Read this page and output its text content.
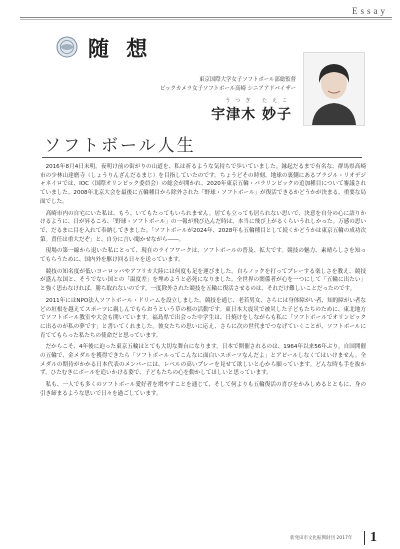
Essay
随 想
東京国際大学女子ソフトボール部総監督
ビックカメラ女子ソフトボール高崎 シニアアドバイザー
うつぎ たえこ
宇津木 妙子
ソフトボール人生

2016年8月4日未明。夜明け前の街がりの山道を、私は祈るような気持ちで歩いていました。縁起だるまで有名な、群馬県高崎市の少林山達磨寺（しょうりんざんだるまじ）を目指していたのです。ちょうどその時刻、地球の裏側にあるブラジル・リオデジャネイロでは、IOC（国際オリンピック委員会）の総会が開かれ、2020年東京五輪・パラリンピックの追加種目について審議されていました。2008年北京大会を最後に五輪種目から除外された「野球・ソフトボール」が復活できるかどうかが決まる、重要な局面でした。

高崎市内の自宅にいた私は、もう、いてもたってもいられません。居ても立っても居られない思いで、決意を自分の心に語りかけるように、日が昇るころ、「野球・ソフトボール」の一報が飛び込んだ時は、本当に飛び上がるくらいうれしかった。万感の思いで、だるまに目を入れて奉納してきました。「ソフトボールが2024年、2028年も五輪種目として続くかどうかは東京五輪の成功次第。責任は重大だぞ」と、自分に言い聞かせながら――。

現場の第一線から退いた私にとって、現在のライフワークは、ソフトボールの普及、拡大です。競技の魅力、素晴らしさを知ってもらうために、国内外を駆け回る日々を送っています。

競技の知名度が低いヨーロッパやアフリカ大陸には何度も足を運びました。自らノックを打ってプレーする楽しさを教え、競技が盛んな国と、そうでない国との「温度差」を埋めようと必死になりました。全世界の関係者が心を一つにして「五輪に出たい」と強く思わなければ、勝ち取れないのです。一度除外された競技を五輪に復活させるのは、それだけ難しいことだったのです。

2011年にはNPO法人ソフトボール・ドリームを設立しました。競技を通じ、老若男女、さらには身体障がい者、知的障がい者などの垣根を越えてスポーツに親しんでもらおうという草の根の活動です。東日本大震災で被災した子どもたちのために、東北地方でソフトボール教室や大会も開いています。福島県で出会った中学生は、日焼けをしながらも私に「ソフトボールでオリンピックに出るのが私の夢です」と書いてくれました。彼女たちの思いに応え、さらに次の世代までつなげていくことが、ソフトボールに育ててもらった私たちの使命だと思っています。

だからこそ、4年後に迫った東京五輪はとても大切な舞台になります。日本で開催されるのは、1964年以来56年ぶり。自国開催の五輪で、金メダルを獲得できたら「ソフトボールってこんなに面白いスポーツなんだよ」とアピールしなくてはいけません。全メダルの期待がかかる日本代表のメンバーには、レベルの高いプレーを見せて欲しいと心から願っています。どんな時も手を抜かず、ひたむきにボールを追いかける姿で、子どもたちの心を動かしてほしいと思っています。

私も、一人でも多くのソフトボール愛好者を増やすことを通じて、そして何よりも五輪復活の喜びをかみしめるとともに、身の引き締まるような思いで日々を過ごしています。

新発田市文化振興財団 2017年 1
